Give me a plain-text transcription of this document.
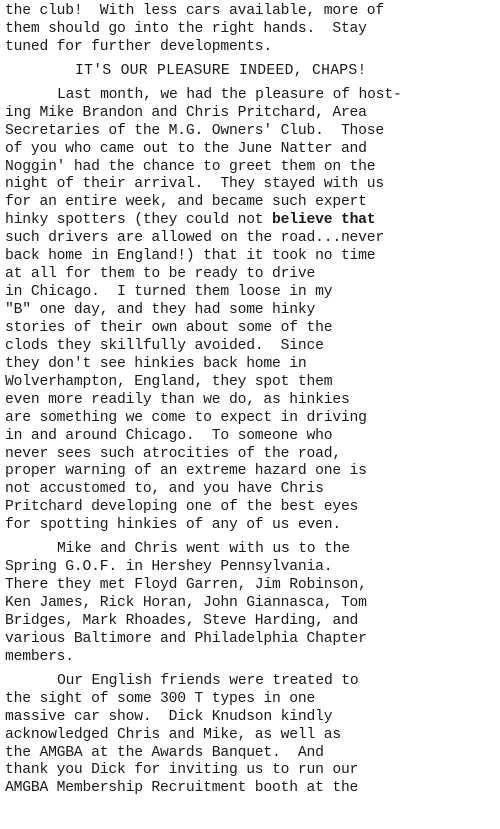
the club!  With less cars available, more of
them should go into the right hands.  Stay
tuned for further developments.
IT'S OUR PLEASURE INDEED, CHAPS!
Last month, we had the pleasure of host-
ing Mike Brandon and Chris Pritchard, Area
Secretaries of the M.G. Owners' Club.  Those
of you who came out to the June Natter and
Noggin' had the chance to greet them on the
night of their arrival.  They stayed with us
for an entire week, and became such expert
hinky spotters (they could not believe that
such drivers are allowed on the road...never
back home in England!) that it took no time
at all for them to be ready to drive
in Chicago.  I turned them loose in my
"B" one day, and they had some hinky
stories of their own about some of the
clods they skillfully avoided.  Since
they don't see hinkies back home in
Wolverhampton, England, they spot them
even more readily than we do, as hinkies
are something we come to expect in driving
in and around Chicago.  To someone who
never sees such atrocities of the road,
proper warning of an extreme hazard one is
not accustomed to, and you have Chris
Pritchard developing one of the best eyes
for spotting hinkies of any of us even.
Mike and Chris went with us to the
Spring G.O.F. in Hershey Pennsylvania.
There they met Floyd Garren, Jim Robinson,
Ken James, Rick Horan, John Giannasca, Tom
Bridges, Mark Rhoades, Steve Harding, and
various Baltimore and Philadelphia Chapter
members.
Our English friends were treated to
the sight of some 300 T types in one
massive car show.  Dick Knudson kindly
acknowledged Chris and Mike, as well as
the AMGBA at the Awards Banquet.  And
thank you Dick for inviting us to run our
AMGBA Membership Recruitment booth at the
